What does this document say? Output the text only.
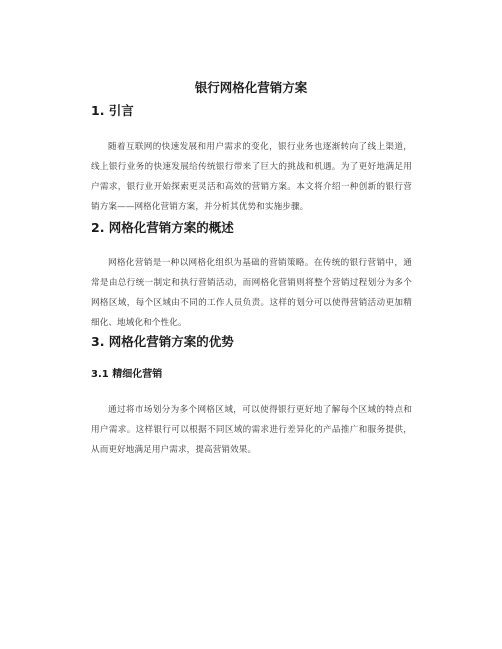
银行网格化营销方案
1. 引言
随着互联网的快速发展和用户需求的变化，银行业务也逐渐转向了线上渠道，
线上银行业务的快速发展给传统银行带来了巨大的挑战和机遇。为了更好地满足用
户需求，银行业开始探索更灵活和高效的营销方案。本文将介绍一种创新的银行营
销方案——网格化营销方案，并分析其优势和实施步骤。
2. 网格化营销方案的概述
网格化营销是一种以网格化组织为基础的营销策略。在传统的银行营销中，通
常是由总行统一制定和执行营销活动，而网格化营销则将整个营销过程划分为多个
网格区域，每个区域由不同的工作人员负责。这样的划分可以使得营销活动更加精
细化、地域化和个性化。
3. 网格化营销方案的优势
3.1 精细化营销
通过将市场划分为多个网格区域，可以使得银行更好地了解每个区域的特点和
用户需求。这样银行可以根据不同区域的需求进行差异化的产品推广和服务提供，
从而更好地满足用户需求，提高营销效果。
